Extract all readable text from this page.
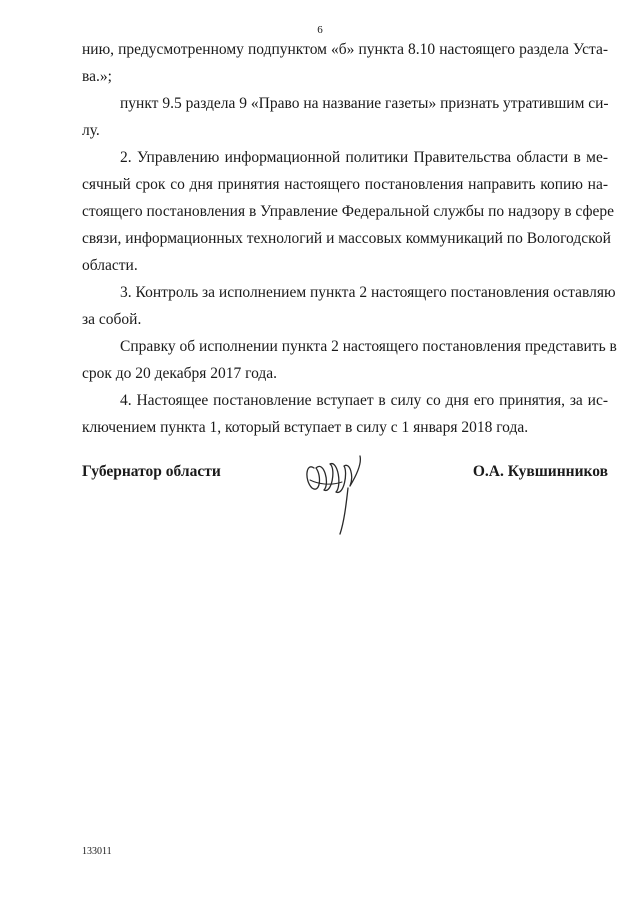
6
нию, предусмотренному подпунктом «б» пункта 8.10 настоящего раздела Уста-
ва.»;
пункт 9.5 раздела 9 «Право на название газеты» признать утратившим си-
лу.
2. Управлению информационной политики Правительства области в ме-
сячный срок со дня принятия настоящего постановления направить копию на-
стоящего постановления в Управление Федеральной службы по надзору в сфере
связи, информационных технологий и массовых коммуникаций по Вологодской
области.
3. Контроль за исполнением пункта 2 настоящего постановления оставляю
за собой.
Справку об исполнении пункта 2 настоящего постановления представить в
срок до 20 декабря 2017 года.
4. Настоящее постановление вступает в силу со дня его принятия, за ис-
ключением пункта 1, который вступает в силу с 1 января 2018 года.
Губернатор области	О.А. Кувшинников
133011
